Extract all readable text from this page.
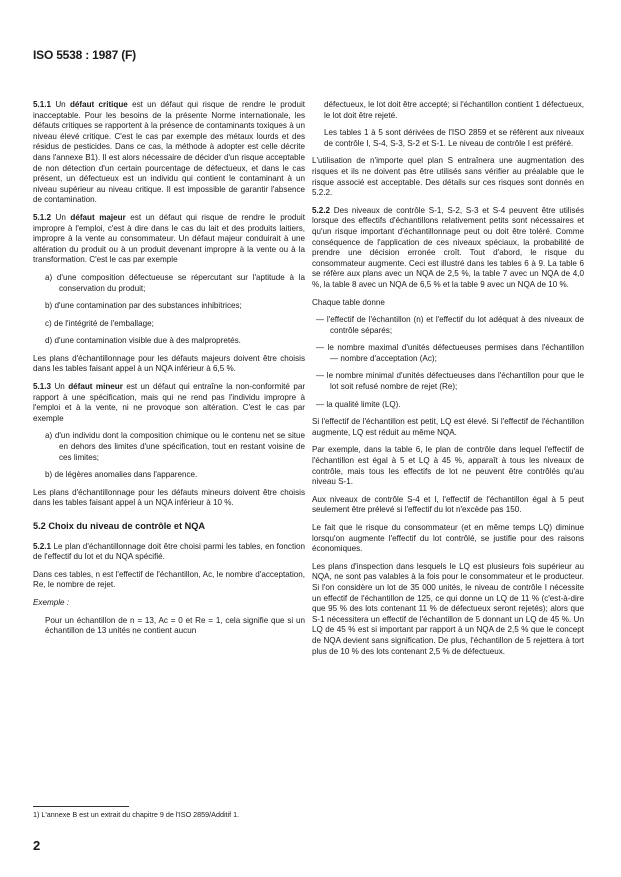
ISO 5538 : 1987 (F)

5.1.1 Un défaut critique est un défaut qui risque de rendre le produit inacceptable. Pour les besoins de la présente Norme internationale, les défauts critiques se rapportent à la présence de contaminants toxiques à un niveau élevé critique. C'est le cas par exemple des métaux lourds et des résidus de pesticides. Dans ce cas, la méthode à adopter est celle décrite dans l'annexe B1). Il est alors nécessaire de décider d'un risque acceptable de non détection d'un certain pourcentage de défectueux, et dans le cas présent, un défectueux est un individu qui contient le contaminant à un niveau supérieur au niveau critique. Il est impossible de garantir l'absence de contamination.

5.1.2 Un défaut majeur est un défaut qui risque de rendre le produit impropre à l'emploi, c'est à dire dans le cas du lait et des produits laitiers, impropre à la vente au consommateur. Un défaut majeur conduirait à une altération du produit ou à un produit devenant impropre à la vente ou à la transformation. C'est le cas par exemple

a) d'une composition défectueuse se répercutant sur l'aptitude à la conservation du produit;

b) d'une contamination par des substances inhibitrices;

c) de l'intégrité de l'emballage;

d) d'une contamination visible due à des malpropretés.

Les plans d'échantillonnage pour les défauts majeurs doivent être choisis dans les tables faisant appel à un NQA inférieur à 6,5 %.

5.1.3 Un défaut mineur est un défaut qui entraîne la non-conformité par rapport à une spécification, mais qui ne rend pas l'individu impropre à l'emploi et à la vente, ni ne provoque son altération. C'est le cas par exemple

a) d'un individu dont la composition chimique ou le contenu net se situe en dehors des limites d'une spécification, tout en restant voisine de ces limites;

b) de légères anomalies dans l'apparence.

Les plans d'échantillonnage pour les défauts mineurs doivent être choisis dans les tables faisant appel à un NQA inférieur à 10 %.

5.2 Choix du niveau de contrôle et NQA

5.2.1 Le plan d'échantillonnage doit être choisi parmi les tables, en fonction de l'effectif du lot et du NQA spécifié.

Dans ces tables, n est l'effectif de l'échantillon, Ac, le nombre d'acceptation, Re, le nombre de rejet.

Exemple :

Pour un échantillon de n = 13, Ac = 0 et Re = 1, cela signifie que si un échantillon de 13 unités ne contient aucun

défectueux, le lot doit être accepté; si l'échantillon contient 1 défectueux, le lot doit être rejeté.

Les tables 1 à 5 sont dérivées de l'ISO 2859 et se réfèrent aux niveaux de contrôle I, S-4, S-3, S-2 et S-1. Le niveau de contrôle I est préféré.

L'utilisation de n'importe quel plan S entraînera une augmentation des risques et ils ne doivent pas être utilisés sans vérifier au préalable que le risque associé est acceptable. Des détails sur ces risques sont donnés en 5.2.2.

5.2.2 Des niveaux de contrôle S-1, S-2, S-3 et S-4 peuvent être utilisés lorsque des effectifs d'échantillons relativement petits sont nécessaires et qu'un risque important d'échantillonnage peut ou doit être toléré. Comme conséquence de l'application de ces niveaux spéciaux, la probabilité de prendre une décision erronée croît. Tout d'abord, le risque du consommateur augmente. Ceci est illustré dans les tables 6 à 9. La table 6 se réfère aux plans avec un NQA de 2,5 %, la table 7 avec un NQA de 4,0 %, la table 8 avec un NQA de 6,5 % et la table 9 avec un NQA de 10 %.

Chaque table donne

— l'effectif de l'échantillon (n) et l'effectif du lot adéquat à des niveaux de contrôle séparés;

— le nombre maximal d'unités défectueuses permises dans l'échantillon — nombre d'acceptation (Ac);

— le nombre minimal d'unités défectueuses dans l'échantillon pour que le lot soit refusé nombre de rejet (Re);

— la qualité limite (LQ).

Si l'effectif de l'échantillon est petit, LQ est élevé. Si l'effectif de l'échantillon augmente, LQ est réduit au même NQA.

Par exemple, dans la table 6, le plan de contrôle dans lequel l'effectif de l'échantillon est égal à 5 et LQ à 45 %, apparaît à tous les niveaux de contrôle, mais tous les effectifs de lot ne peuvent être contrôlés qu'au niveau S-1.

Aux niveaux de contrôle S-4 et I, l'effectif de l'échantillon égal à 5 peut seulement être prélevé si l'effectif du lot n'excède pas 150.

Le fait que le risque du consommateur (et en même temps LQ) diminue lorsqu'on augmente l'effectif du lot contrôlé, se justifie pour des raisons économiques.

Les plans d'inspection dans lesquels le LQ est plusieurs fois supérieur au NQA, ne sont pas valables à la fois pour le consommateur et le producteur. Si l'on considère un lot de 35 000 unités, le niveau de contrôle I nécessite un effectif de l'échantillon de 125, ce qui donne un LQ de 11 % (c'est-à-dire que 95 % des lots contenant 11 % de défectueux seront rejetés); alors que S-1 nécessitera un effectif de l'échantillon de 5 donnant un LQ de 45 %. Un LQ de 45 % est si important par rapport à un NQA de 2,5 % que le concept de NQA devient sans signification. De plus, l'échantillon de 5 rejettera à tort plus de 10 % des lots contenant 2,5 % de défectueux.

1) L'annexe B est un extrait du chapitre 9 de l'ISO 2859/Additif 1.
2
